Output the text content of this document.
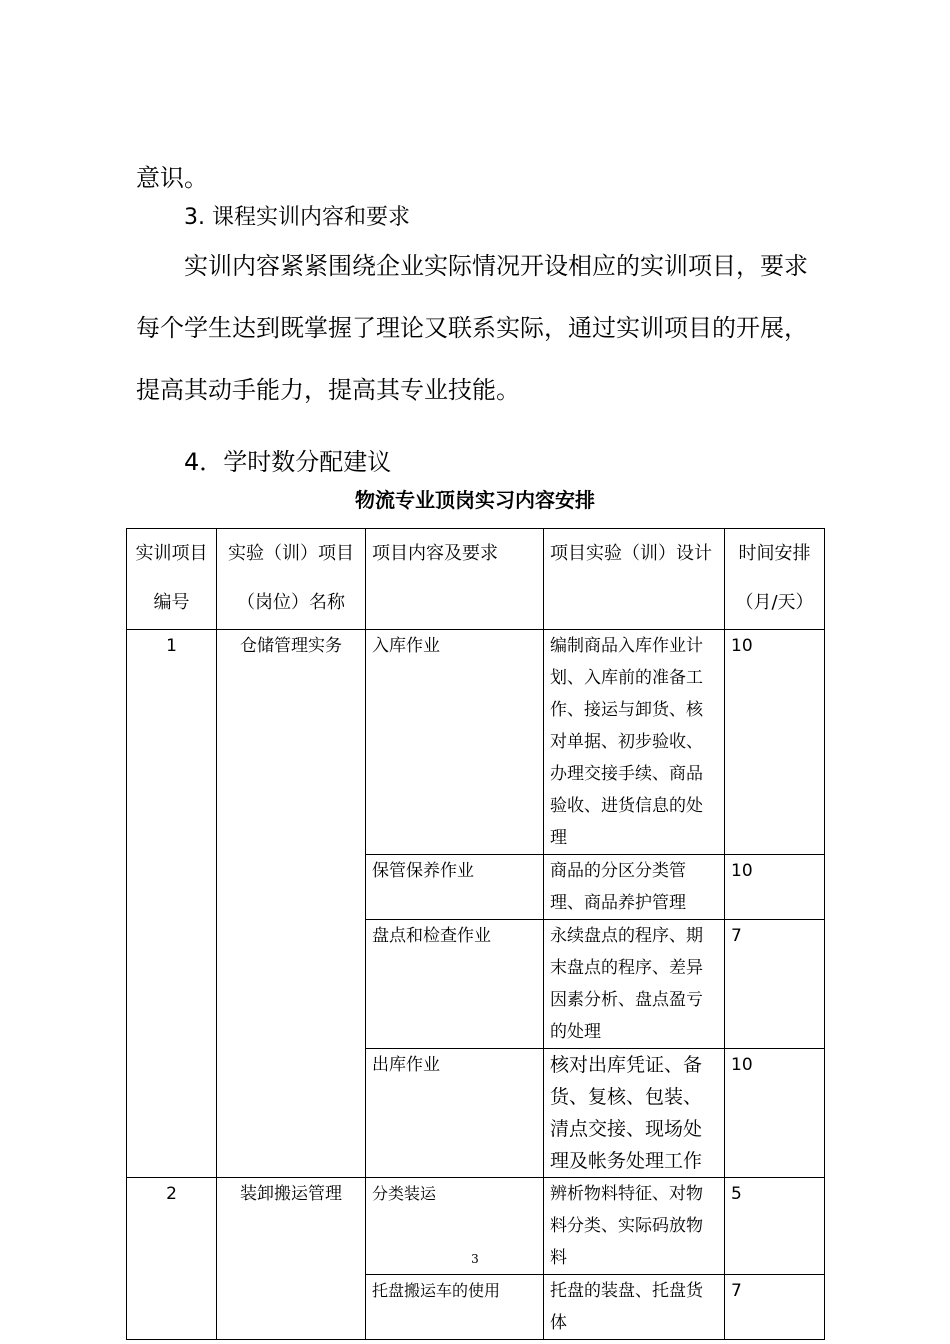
意识。
3. 课程实训内容和要求
实训内容紧紧围绕企业实际情况开设相应的实训项目，要求
每个学生达到既掌握了理论又联系实际，通过实训项目的开展，
提高其动手能力，提高其专业技能。
4．学时数分配建议
物流专业顶岗实习内容安排
实训项目编号	实验（训）项目（岗位）名称	项目内容及要求	项目实验（训）设计	时间安排（月/天）
1	仓储管理实务	入库作业	编制商品入库作业计划、入库前的准备工作、接运与卸货、核对单据、初步验收、办理交接手续、商品验收、进货信息的处理	10
		保管保养作业	商品的分区分类管理、商品养护管理	10
		盘点和检查作业	永续盘点的程序、期末盘点的程序、差异因素分析、盘点盈亏的处理	7
		出库作业	核对出库凭证、备货、复核、包装、清点交接、现场处理及帐务处理工作	10
2	装卸搬运管理	分类装运	辨析物料特征、对物料分类、实际码放物料	5
		托盘搬运车的使用	托盘的装盘、托盘货体	7
3
